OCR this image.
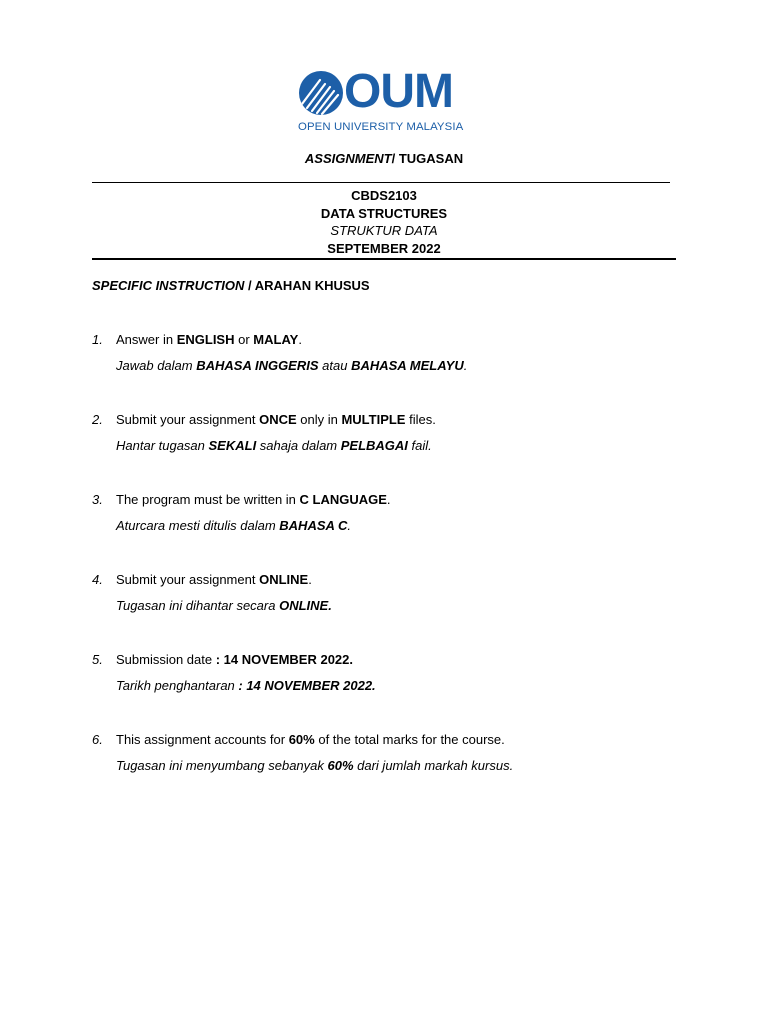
OUM
OPEN UNIVERSITY MALAYSIA
ASSIGNMENT/ TUGASAN
CBDS2103
DATA STRUCTURES
STRUKTUR DATA
SEPTEMBER 2022
SPECIFIC INSTRUCTION / ARAHAN KHUSUS
1. Answer in ENGLISH or MALAY.
Jawab dalam BAHASA INGGERIS atau BAHASA MELAYU.
2. Submit your assignment ONCE only in MULTIPLE files.
Hantar tugasan SEKALI sahaja dalam PELBAGAI fail.
3. The program must be written in C LANGUAGE.
Aturcara mesti ditulis dalam BAHASA C.
4. Submit your assignment ONLINE.
Tugasan ini dihantar secara ONLINE.
5. Submission date : 14 NOVEMBER 2022.
Tarikh penghantaran : 14 NOVEMBER 2022.
6. This assignment accounts for 60% of the total marks for the course.
Tugasan ini menyumbang sebanyak 60% dari jumlah markah kursus.
